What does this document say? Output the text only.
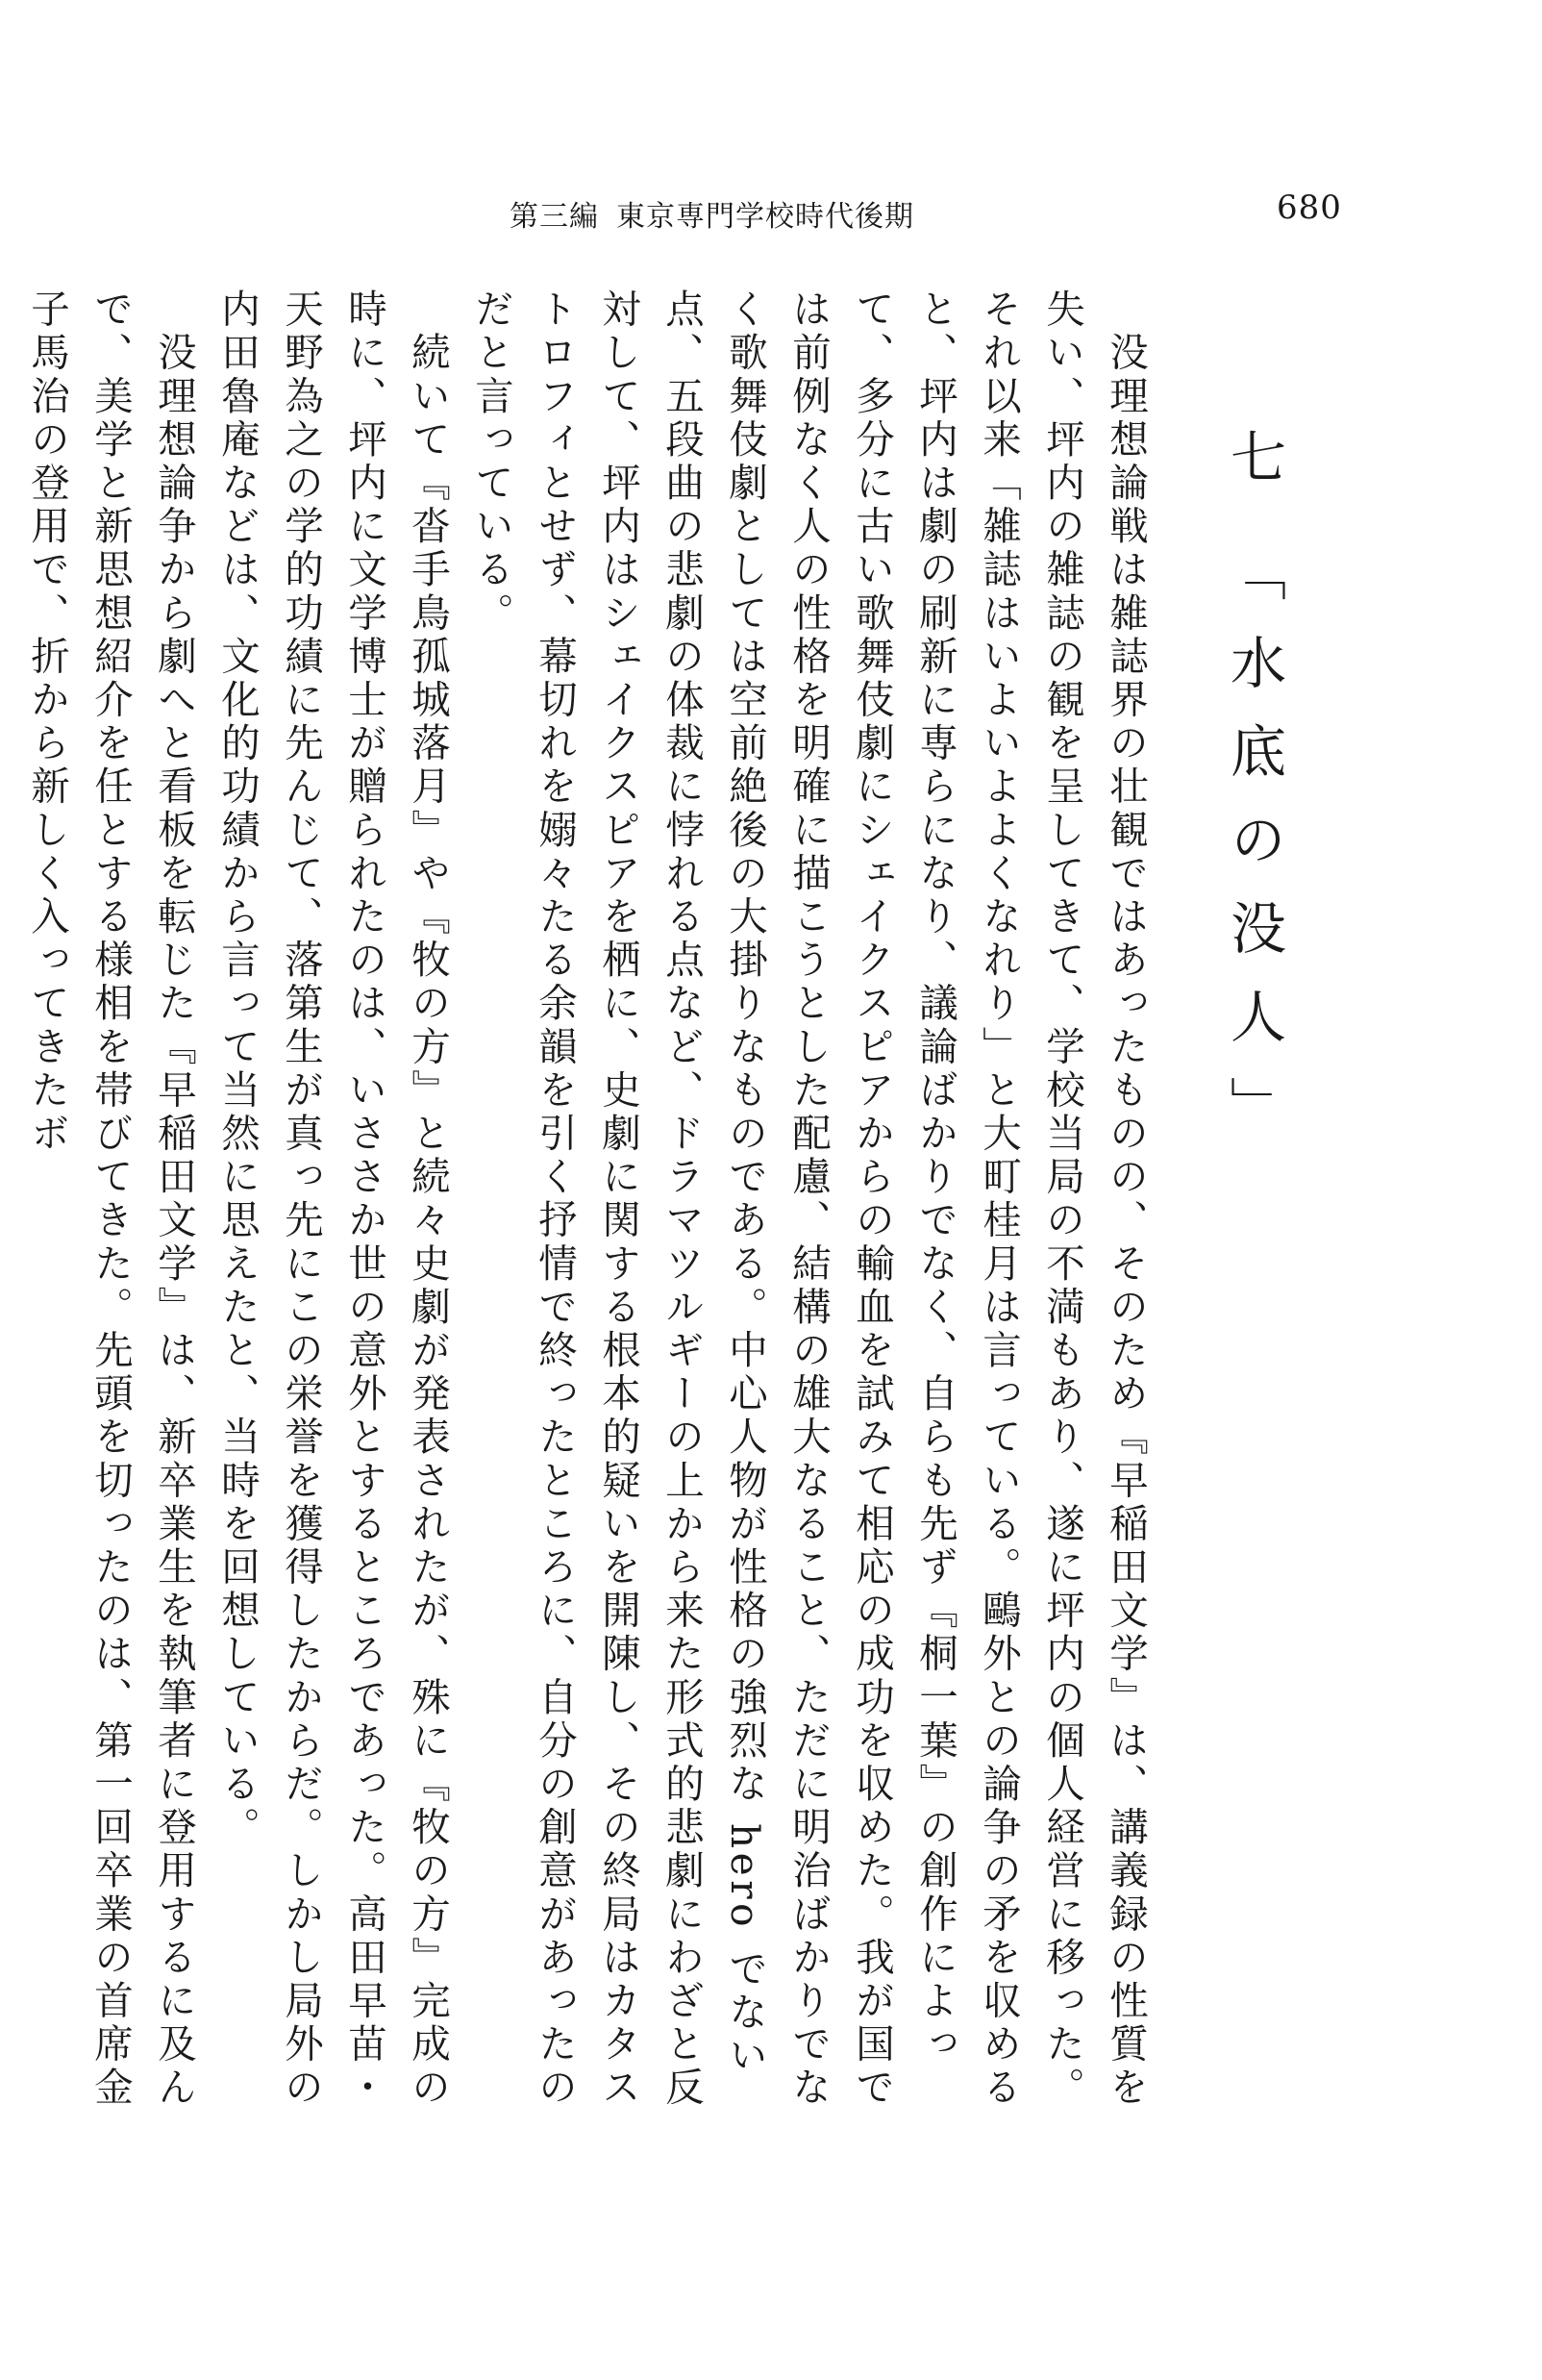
第三編 東京専門学校時代後期	680
七「水底の没人」

　没理想論戦は雑誌界の壮観ではあったものの、そのため『早稲田文学』は、講義録の性質を失い、坪内の雑誌の観を呈してきて、学校当局の不満もあり、遂に坪内の個人経営に移った。それ以来「雑誌はいよいよよくなれり」と大町桂月は言っている。鷗外との論争の矛を収めると、坪内は劇の刷新に専らになり、議論ばかりでなく、自らも先ず『桐一葉』の創作によって、多分に古い歌舞伎劇にシェイクスピアからの輸血を試みて相応の成功を収めた。我が国では前例なく人の性格を明確に描こうとした配慮、結構の雄大なること、ただに明治ばかりでなく歌舞伎劇としては空前絶後の大掛りなものである。中心人物が性格の強烈な hero でない点、五段曲の悲劇の体裁に悖れる点など、ドラマツルギーの上から来た形式的悲劇にわざと反対して、坪内はシェイクスピアを栖に、史劇に関する根本的疑いを開陳し、その終局はカタストロフィとせず、幕切れを嫋々たる余韻を引く抒情で終ったところに、自分の創意があったのだと言っている。

　続いて『沓手鳥孤城落月』や『牧の方』と続々史劇が発表されたが、殊に『牧の方』完成の時に、坪内に文学博士が贈られたのは、いささか世の意外とするところであった。高田早苗・天野為之の学的功績に先んじて、落第生が真っ先にこの栄誉を獲得したからだ。しかし局外の内田魯庵などは、文化的功績から言って当然に思えたと、当時を回想している。

　没理想論争から劇へと看板を転じた『早稲田文学』は、新卒業生を執筆者に登用するに及んで、美学と新思想紹介を任とする様相を帯びてきた。先頭を切ったのは、第一回卒業の首席金子馬治の登用で、折から新しく入ってきたボ
